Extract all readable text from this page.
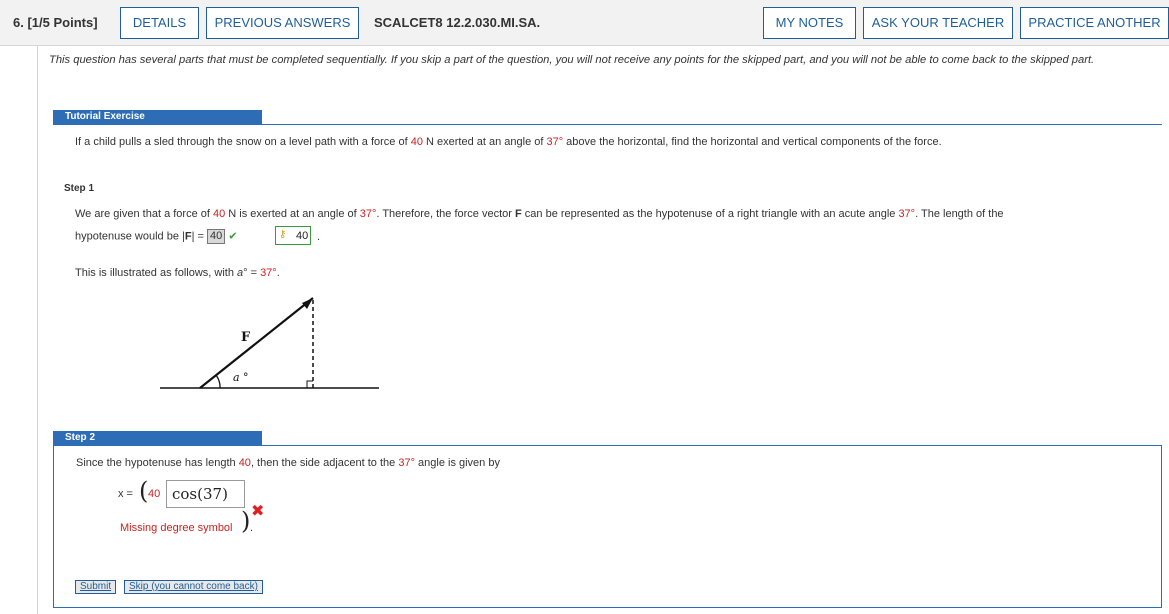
6. [1/5 Points]	DETAILS	PREVIOUS ANSWERS	SCALCET8 12.2.030.MI.SA.	MY NOTES	ASK YOUR TEACHER	PRACTICE ANOTHER
This question has several parts that must be completed sequentially. If you skip a part of the question, you will not receive any points for the skipped part, and you will not be able to come back to the skipped part.
Tutorial Exercise
If a child pulls a sled through the snow on a level path with a force of 40 N exerted at an angle of 37° above the horizontal, find the horizontal and vertical components of the force.
Step 1
We are given that a force of 40 N is exerted at an angle of 37°. Therefore, the force vector F can be represented as the hypotenuse of a right triangle with an acute angle 37°. The length of the
hypotenuse would be |F| = 40 ✔	⚷ 40 .
This is illustrated as follows, with a° = 37°.
F
a °
Step 2
Since the hypotenuse has length 40, then the side adjacent to the 37° angle is given by
x = ( 40 cos(37)
✖
Missing degree symbol ) .
Submit	Skip (you cannot come back)
